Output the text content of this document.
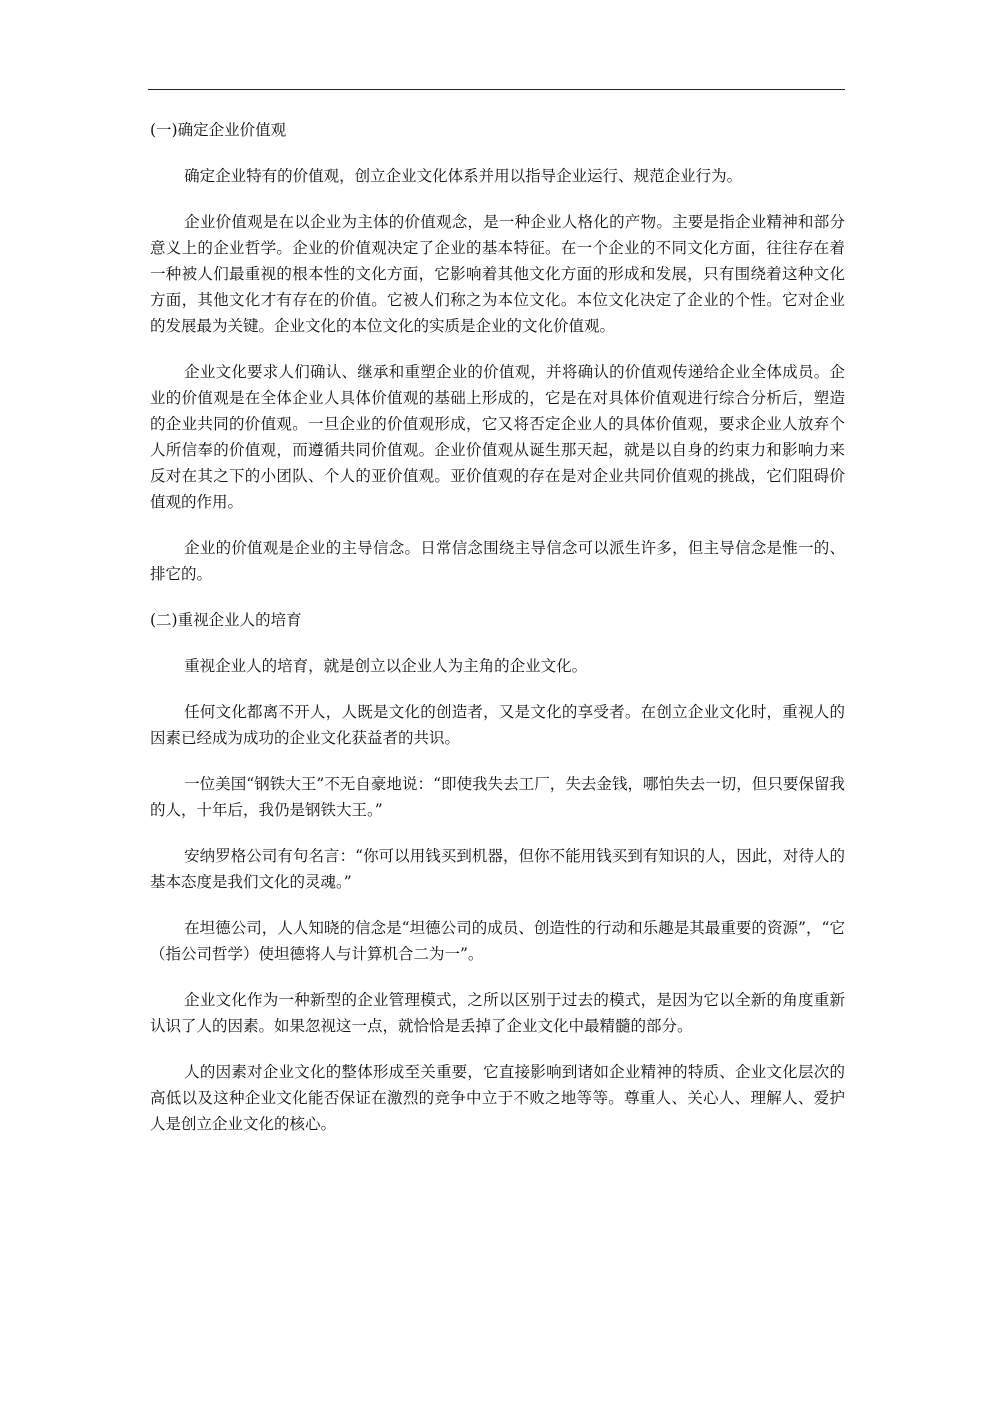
(一)确定企业价值观

确定企业特有的价值观，创立企业文化体系并用以指导企业运行、规范企业行为。

企业价值观是在以企业为主体的价值观念，是一种企业人格化的产物。主要是指企业精神和部分意义上的企业哲学。企业的价值观决定了企业的基本特征。在一个企业的不同文化方面，往往存在着一种被人们最重视的根本性的文化方面，它影响着其他文化方面的形成和发展，只有围绕着这种文化方面，其他文化才有存在的价值。它被人们称之为本位文化。本位文化决定了企业的个性。它对企业的发展最为关键。企业文化的本位文化的实质是企业的文化价值观。

企业文化要求人们确认、继承和重塑企业的价值观，并将确认的价值观传递给企业全体成员。企业的价值观是在全体企业人具体价值观的基础上形成的，它是在对具体价值观进行综合分析后，塑造的企业共同的价值观。一旦企业的价值观形成，它又将否定企业人的具体价值观，要求企业人放弃个人所信奉的价值观，而遵循共同价值观。企业价值观从诞生那天起，就是以自身的约束力和影响力来反对在其之下的小团队、个人的亚价值观。亚价值观的存在是对企业共同价值观的挑战，它们阻碍价值观的作用。

企业的价值观是企业的主导信念。日常信念围绕主导信念可以派生许多，但主导信念是惟一的、排它的。

(二)重视企业人的培育

重视企业人的培育，就是创立以企业人为主角的企业文化。

任何文化都离不开人，人既是文化的创造者，又是文化的享受者。在创立企业文化时，重视人的因素已经成为成功的企业文化获益者的共识。

一位美国“钢铁大王”不无自豪地说：“即使我失去工厂，失去金钱，哪怕失去一切，但只要保留我的人，十年后，我仍是钢铁大王。”

安纳罗格公司有句名言：“你可以用钱买到机器，但你不能用钱买到有知识的人，因此，对待人的基本态度是我们文化的灵魂。”

在坦德公司，人人知晓的信念是“坦德公司的成员、创造性的行动和乐趣是其最重要的资源”，“它（指公司哲学）使坦德将人与计算机合二为一”。

企业文化作为一种新型的企业管理模式，之所以区别于过去的模式，是因为它以全新的角度重新认识了人的因素。如果忽视这一点，就恰恰是丢掉了企业文化中最精髓的部分。

人的因素对企业文化的整体形成至关重要，它直接影响到诸如企业精神的特质、企业文化层次的高低以及这种企业文化能否保证在激烈的竞争中立于不败之地等等。尊重人、关心人、理解人、爱护人是创立企业文化的核心。
